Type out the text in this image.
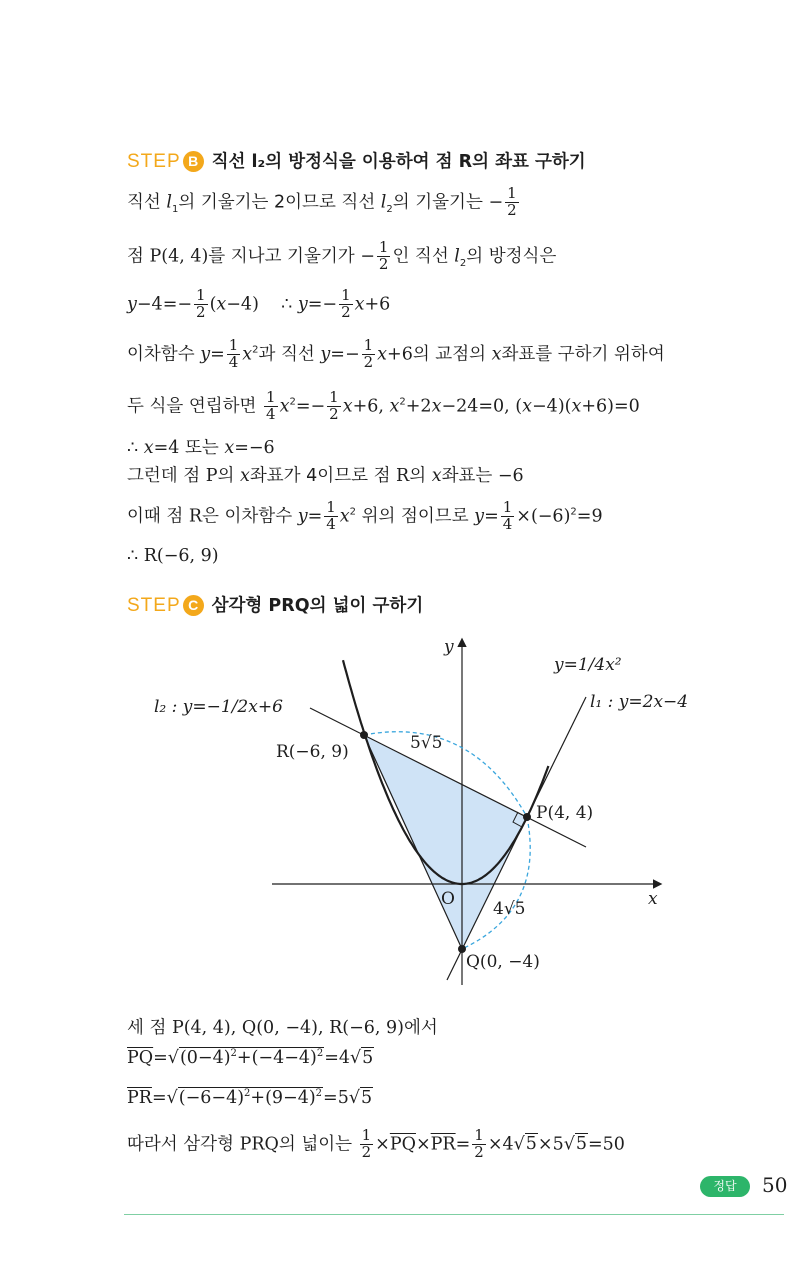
STEP B 직선 l₂의 방정식을 이용하여 점 R의 좌표 구하기
직선 $l_1$의 기울기는 2이므로 직선 $l_2$의 기울기는 − $\frac{1}{2}$
점 P(4, 4)를 지나고 기울기가 − $\frac{1}{2}$ 인 직선 $l_2$의 방정식은
$y-4=- \frac{1}{2} (x-4)$ ∴ $y=- \frac{1}{2} x+6$
이차함수 $y= \frac{1}{4} x^2$과 직선 $y=- \frac{1}{2} x+6$의 교점의 x좌표를 구하기 위하여
두 식을 연립하면 $\frac{1}{4} x^2=- \frac{1}{2} x+6$, $x^2+2x-24=0$, (x−4)(x+6)=0
∴ x=4 또는 x=−6
그런데 점 P의 x좌표가 4이므로 점 R의 x좌표는 −6
이때 점 R은 이차함수 $y= \frac{1}{4} x^2$ 위의 점이므로 $y= \frac{1}{4} \times(-6)^2=9$
∴ R(−6, 9)
STEP C 삼각형 PRQ의 넓이 구하기
y
x
O
y=1/4x²
l₁ : y=2x−4
l₂ : y=−1/2x+6
R(−6, 9)
P(4, 4)
Q(0, −4)
5√5
4√5
세 점 P(4, 4), Q(0, −4), R(−6, 9)에서
$\overline{PQ}=√(0-4)^2+(-4-4)^2=4√5$
$\overline{PR}=√(-6-4)^2+(9-4)^2=5√5$
따라서 삼각형 PRQ의 넓이는 $\frac{1}{2} \times\overline{PQ}\times\overline{PR}= \frac{1}{2} \times 4√5\times 5√5=50$
정답	50
